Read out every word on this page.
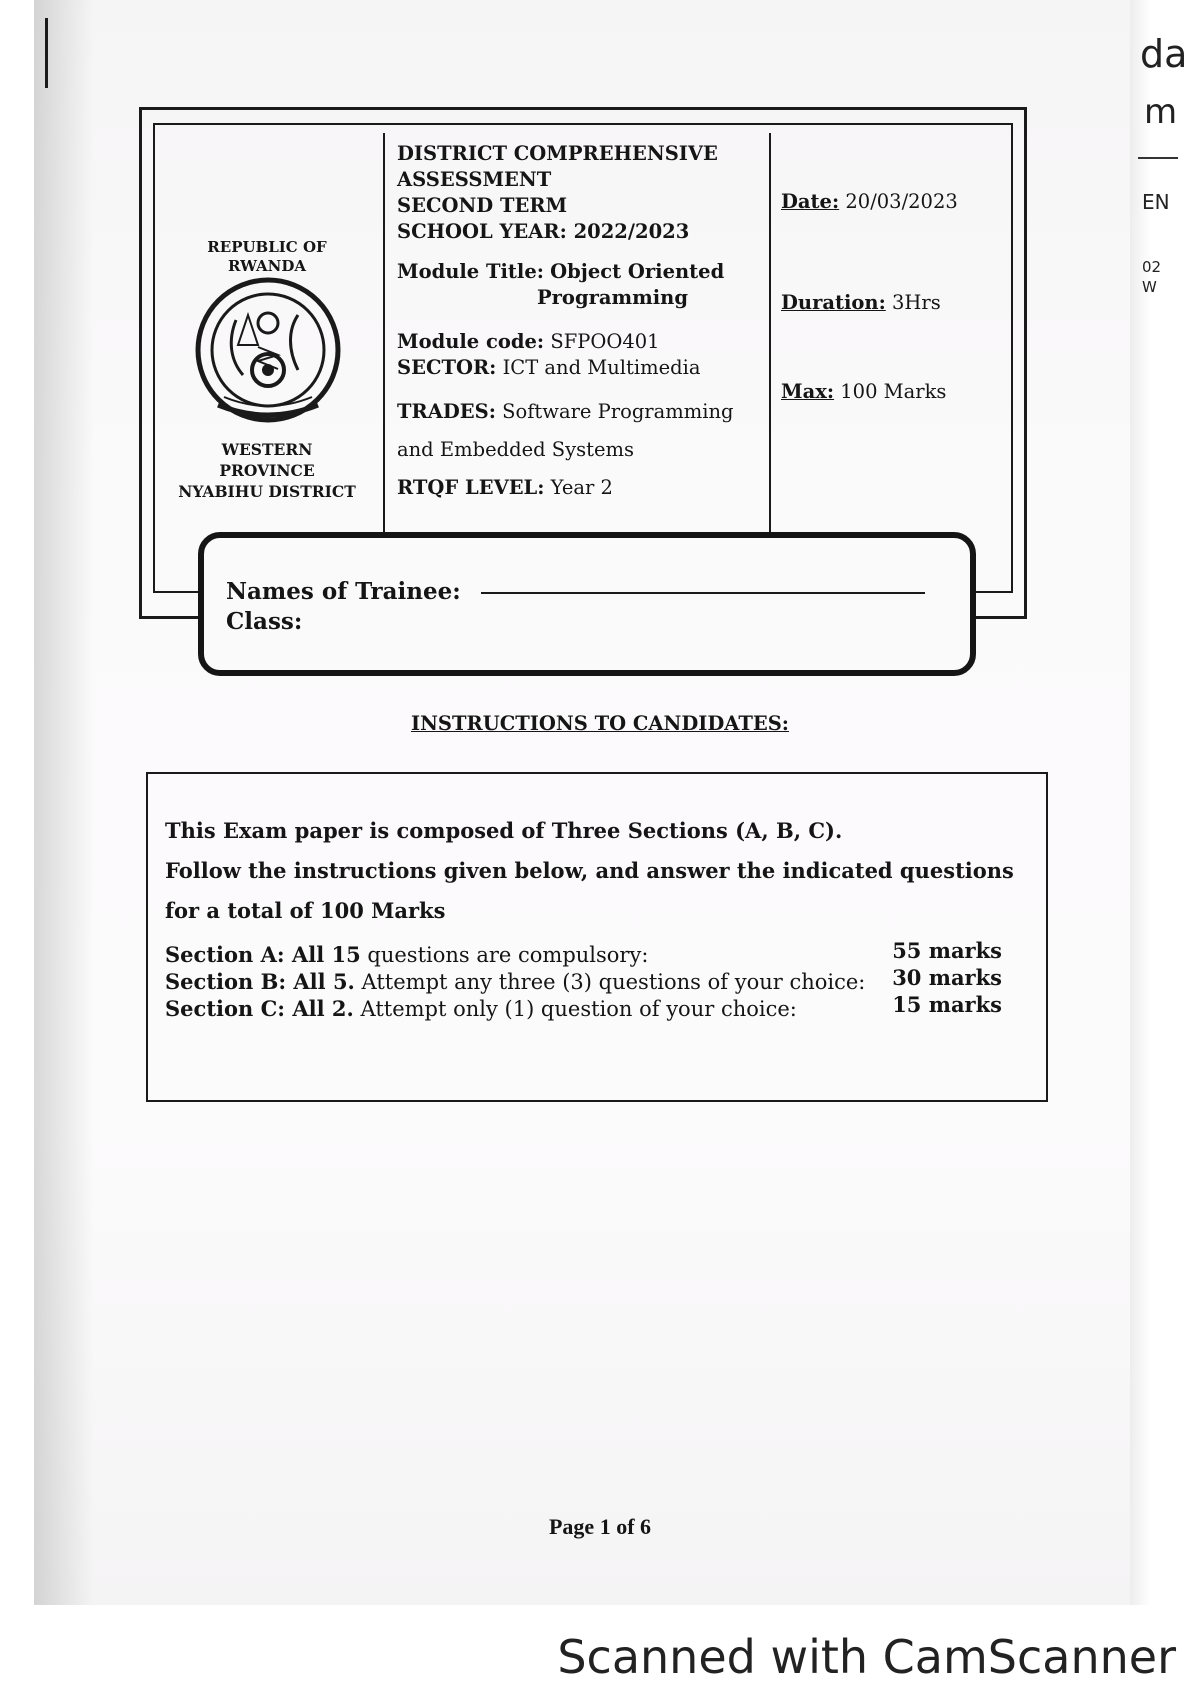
da
m
EN
02
W
REPUBLIC OF
RWANDA
WESTERN
PROVINCE
NYABIHU DISTRICT
DISTRICT COMPREHENSIVE
ASSESSMENT
SECOND TERM
SCHOOL YEAR: 2022/2023
Module Title: Object Oriented
Programming
Module code: SFPOO401
SECTOR: ICT and Multimedia
TRADES: Software Programming
and Embedded Systems
RTQF LEVEL: Year 2
Date: 20/03/2023
Duration: 3Hrs
Max: 100 Marks
Names of Trainee:
Class:
INSTRUCTIONS TO CANDIDATES:
This Exam paper is composed of Three Sections (A, B, C).
Follow the instructions given below, and answer the indicated questions
for a total of 100 Marks
Section A: All 15 questions are compulsory:	55 marks
Section B: All 5. Attempt any three (3) questions of your choice: 30 marks
Section C: All 2. Attempt only (1) question of your choice:	15 marks
Page 1 of 6
Scanned with CamScanner
